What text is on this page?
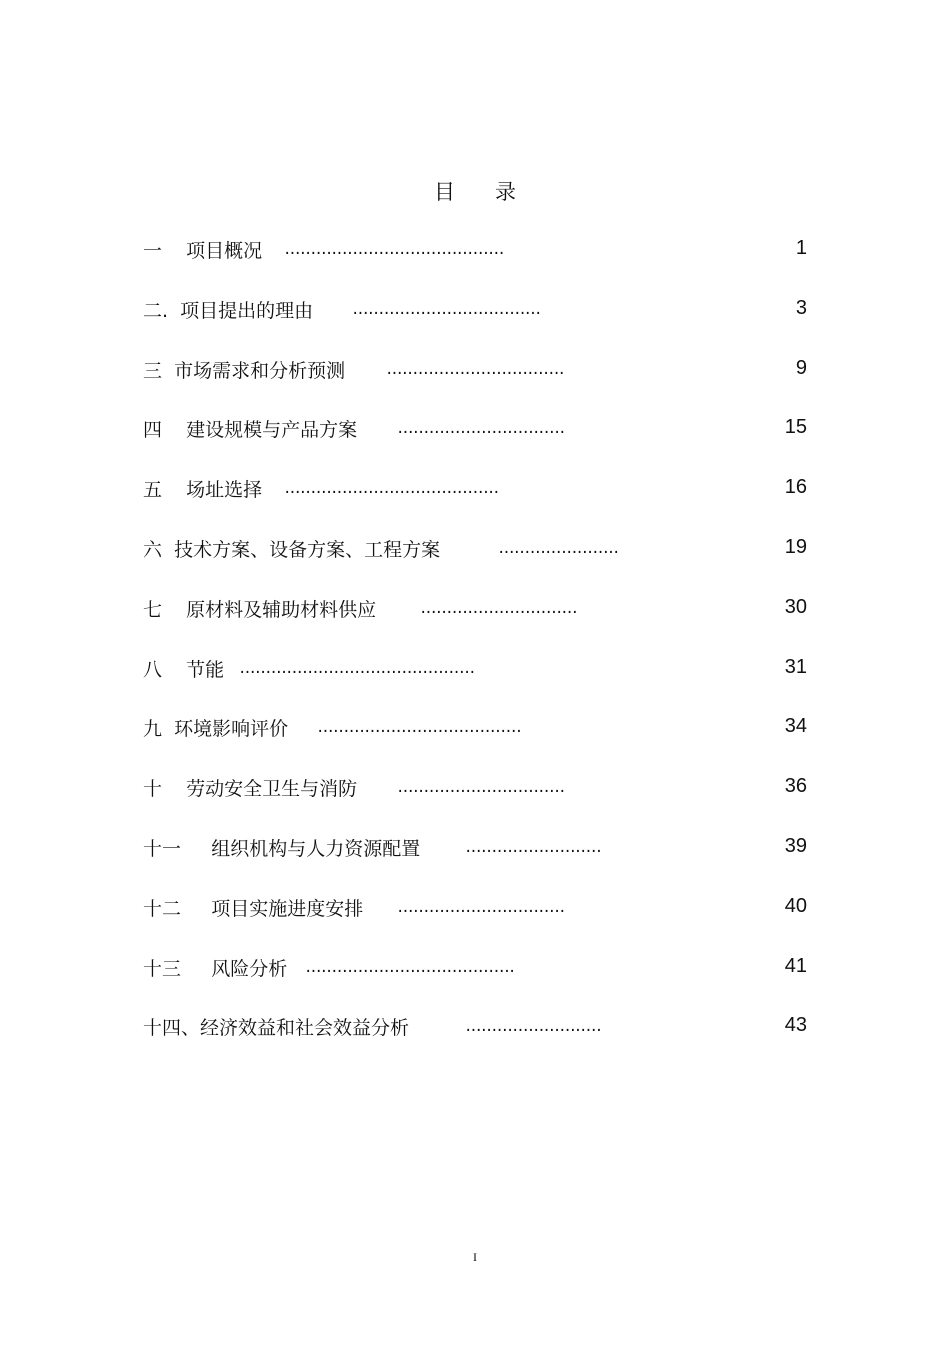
目      录
一    项目概况 ..........................................	1
二.  项目提出的理由	....................................	3
三  市场需求和分析预测	..................................	9
四    建设规模与产品方案	................................	15
五    场址选择 .........................................	16
六  技术方案、设备方案、工程方案	.......................	19
七    原材料及辅助材料供应	..............................	30
八    节能 .............................................	31
九  环境影响评价 .......................................	34
十    劳动安全卫生与消防	................................	36
十一     组织机构与人力资源配置	..........................	39
十二     项目实施进度安排 ................................	40
十三     风险分析 ........................................	41
十四、经济效益和社会效益分析	..........................	43
I
